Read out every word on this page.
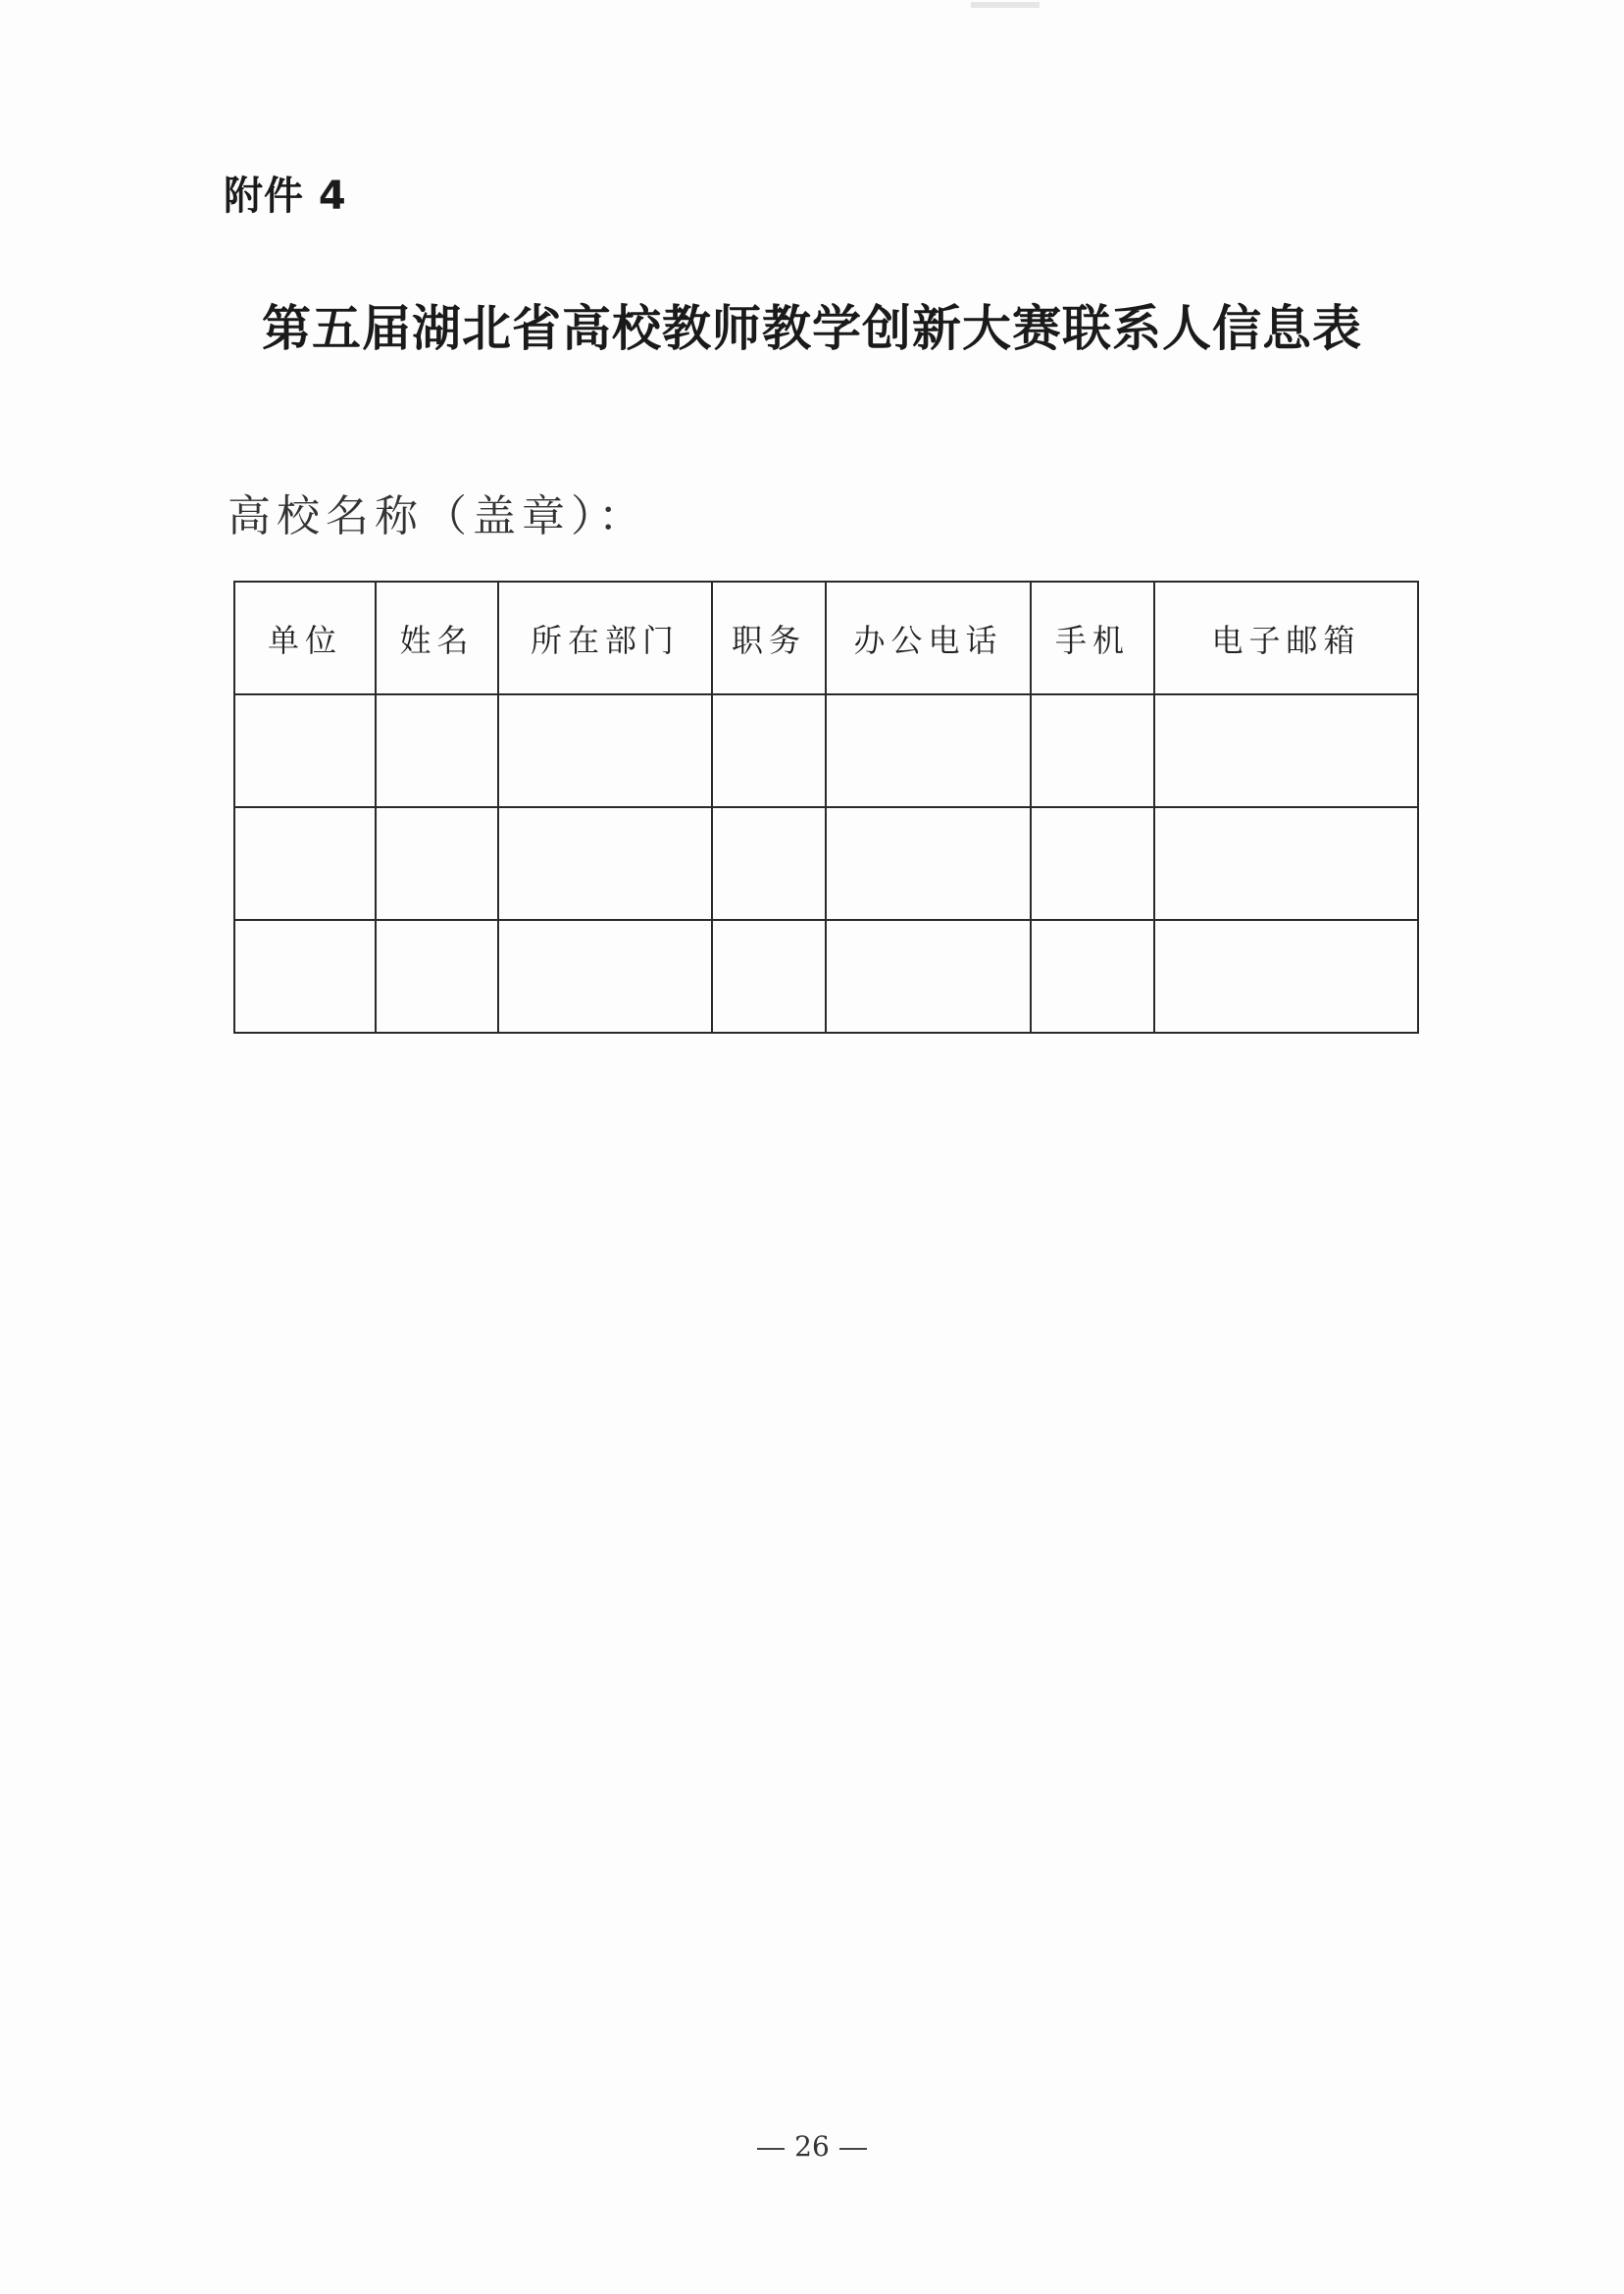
附件 4
第五届湖北省高校教师教学创新大赛联系人信息表
高校名称（盖章）：
单位	姓名	所在部门	职务	办公电话	手机	电子邮箱

26
